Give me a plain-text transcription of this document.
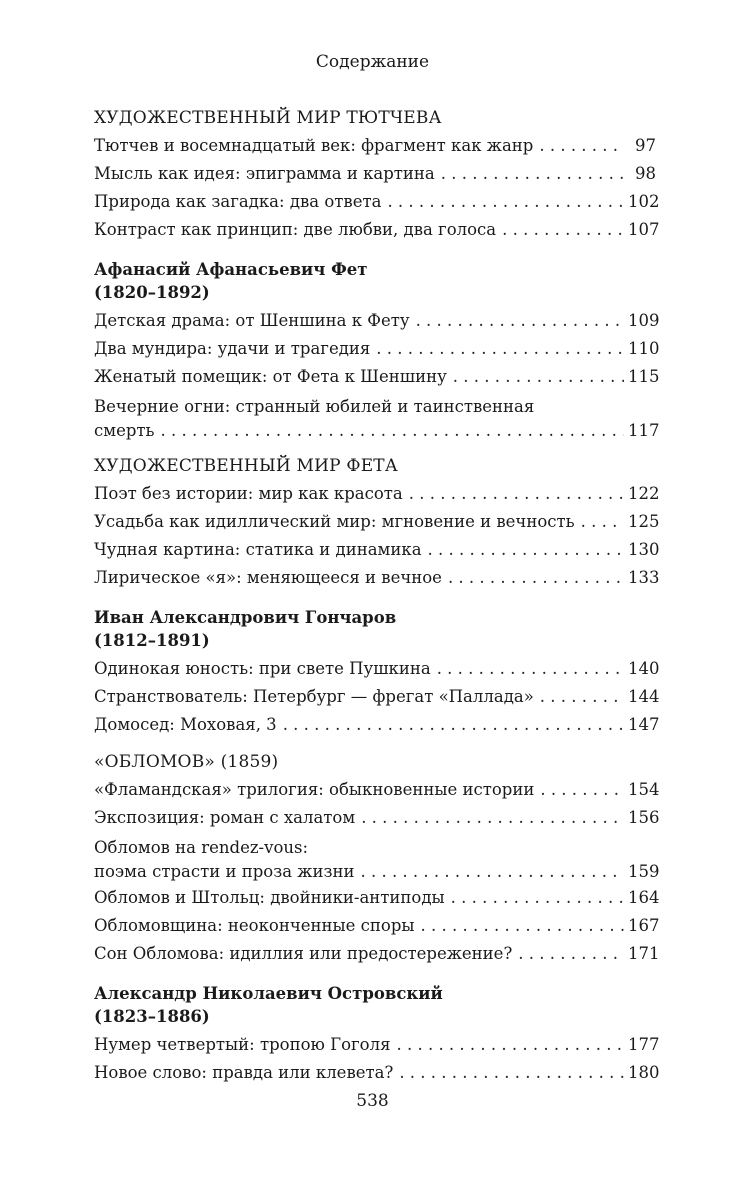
Содержание
ХУДОЖЕСТВЕННЫЙ МИР ТЮТЧЕВА
Тютчев и восемнадцатый век: фрагмент как жанр . . .	97
Мысль как идея: эпиграмма и картина . . .	98
Природа как загадка: два ответа . . .	102
Контраст как принцип: две любви, два голоса . . .	107
Афанасий Афанасьевич Фет
(1820–1892)
Детская драма: от Шеншина к Фету . . .	109
Два мундира: удачи и трагедия . . .	110
Женатый помещик: от Фета к Шеншину . . .	115
Вечерние огни: странный юбилей и таинственная
смерть . . .	117
ХУДОЖЕСТВЕННЫЙ МИР ФЕТА
Поэт без истории: мир как красота . . .	122
Усадьба как идиллический мир: мгновение и вечность . . .	125
Чудная картина: статика и динамика . . .	130
Лирическое «я»: меняющееся и вечное . . .	133
Иван Александрович Гончаров
(1812–1891)
Одинокая юность: при свете Пушкина . . .	140
Странствователь: Петербург — фрегат «Паллада» . . .	144
Домосед: Моховая, 3 . . .	147
«ОБЛОМОВ» (1859)
«Фламандская» трилогия: обыкновенные истории . . .	154
Экспозиция: роман с халатом . . .	156
Обломов на rendez-vous:
поэма страсти и проза жизни . . .	159
Обломов и Штольц: двойники-антиподы . . .	164
Обломовщина: неоконченные споры . . .	167
Сон Обломова: идиллия или предостережение? . . .	171
Александр Николаевич Островский
(1823–1886)
Нумер четвертый: тропою Гоголя . . .	177
Новое слово: правда или клевета? . . .	180
538
